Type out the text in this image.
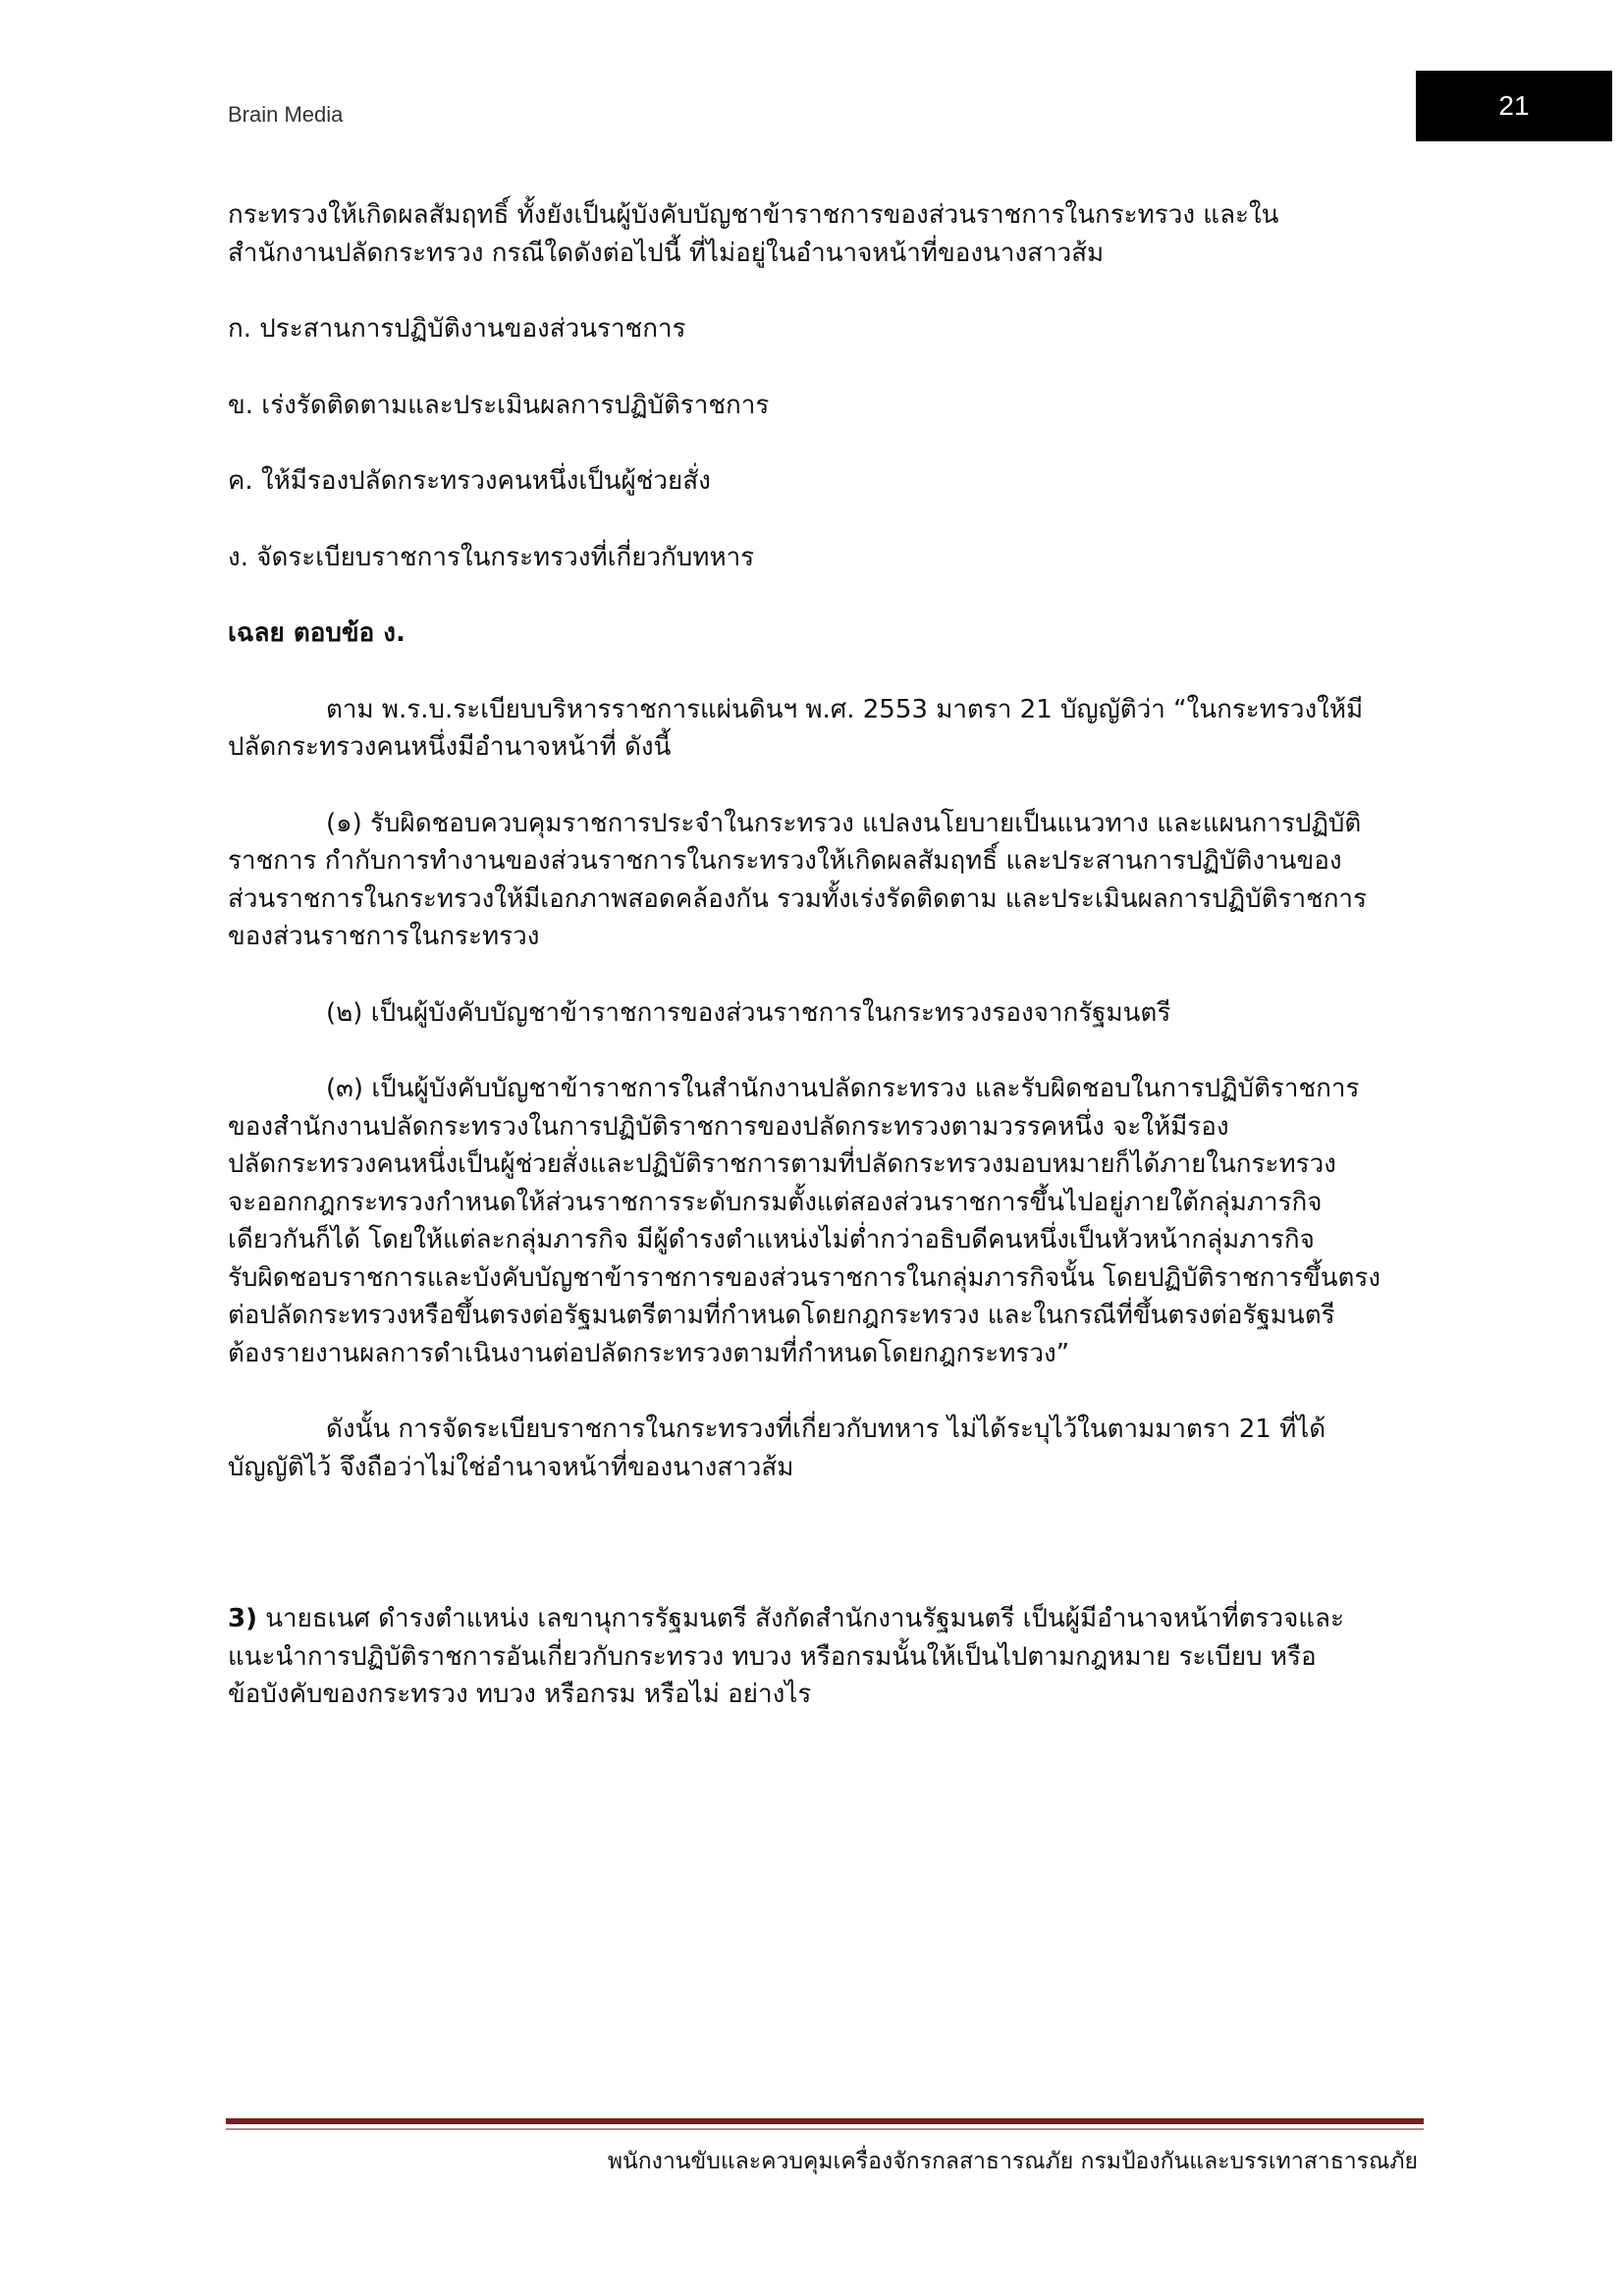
Brain Media	21

กระทรวงให้เกิดผลสัมฤทธิ์ ทั้งยังเป็นผู้บังคับบัญชาข้าราชการของส่วนราชการในกระทรวง และใน

สำนักงานปลัดกระทรวง กรณีใดดังต่อไปนี้ ที่ไม่อยู่ในอำนาจหน้าที่ของนางสาวส้ม

ก. ประสานการปฏิบัติงานของส่วนราชการ

ข. เร่งรัดติดตามและประเมินผลการปฏิบัติราชการ

ค. ให้มีรองปลัดกระทรวงคนหนึ่งเป็นผู้ช่วยสั่ง

ง. จัดระเบียบราชการในกระทรวงที่เกี่ยวกับทหาร

เฉลย ตอบข้อ ง.

ตาม พ.ร.บ.ระเบียบบริหารราชการแผ่นดินฯ พ.ศ. 2553 มาตรา 21 บัญญัติว่า “ในกระทรวงให้มี

ปลัดกระทรวงคนหนึ่งมีอำนาจหน้าที่ ดังนี้

(๑) รับผิดชอบควบคุมราชการประจำในกระทรวง แปลงนโยบายเป็นแนวทาง และแผนการปฏิบัติ

ราชการ กำกับการทำงานของส่วนราชการในกระทรวงให้เกิดผลสัมฤทธิ์ และประสานการปฏิบัติงานของ

ส่วนราชการในกระทรวงให้มีเอกภาพสอดคล้องกัน รวมทั้งเร่งรัดติดตาม และประเมินผลการปฏิบัติราชการ

ของส่วนราชการในกระทรวง

(๒) เป็นผู้บังคับบัญชาข้าราชการของส่วนราชการในกระทรวงรองจากรัฐมนตรี

(๓) เป็นผู้บังคับบัญชาข้าราชการในสำนักงานปลัดกระทรวง และรับผิดชอบในการปฏิบัติราชการ

ของสำนักงานปลัดกระทรวงในการปฏิบัติราชการของปลัดกระทรวงตามวรรคหนึ่ง จะให้มีรอง

ปลัดกระทรวงคนหนึ่งเป็นผู้ช่วยสั่งและปฏิบัติราชการตามที่ปลัดกระทรวงมอบหมายก็ได้ภายในกระทรวง

จะออกกฎกระทรวงกำหนดให้ส่วนราชการระดับกรมตั้งแต่สองส่วนราชการขึ้นไปอยู่ภายใต้กลุ่มภารกิจ

เดียวกันก็ได้ โดยให้แต่ละกลุ่มภารกิจ มีผู้ดำรงตำแหน่งไม่ต่ำกว่าอธิบดีคนหนึ่งเป็นหัวหน้ากลุ่มภารกิจ

รับผิดชอบราชการและบังคับบัญชาข้าราชการของส่วนราชการในกลุ่มภารกิจนั้น โดยปฏิบัติราชการขึ้นตรง

ต่อปลัดกระทรวงหรือขึ้นตรงต่อรัฐมนตรีตามที่กำหนดโดยกฎกระทรวง และในกรณีที่ขึ้นตรงต่อรัฐมนตรี

ต้องรายงานผลการดำเนินงานต่อปลัดกระทรวงตามที่กำหนดโดยกฎกระทรวง”

ดังนั้น การจัดระเบียบราชการในกระทรวงที่เกี่ยวกับทหาร ไม่ได้ระบุไว้ในตามมาตรา 21 ที่ได้

บัญญัติไว้ จึงถือว่าไม่ใช่อำนาจหน้าที่ของนางสาวส้ม

3) นายธเนศ ดำรงตำแหน่ง เลขานุการรัฐมนตรี สังกัดสำนักงานรัฐมนตรี เป็นผู้มีอำนาจหน้าที่ตรวจและ

แนะนำการปฏิบัติราชการอันเกี่ยวกับกระทรวง ทบวง หรือกรมนั้นให้เป็นไปตามกฎหมาย ระเบียบ หรือ

ข้อบังคับของกระทรวง ทบวง หรือกรม หรือไม่ อย่างไร

พนักงานขับและควบคุมเครื่องจักรกลสาธารณภัย กรมป้องกันและบรรเทาสาธารณภัย
